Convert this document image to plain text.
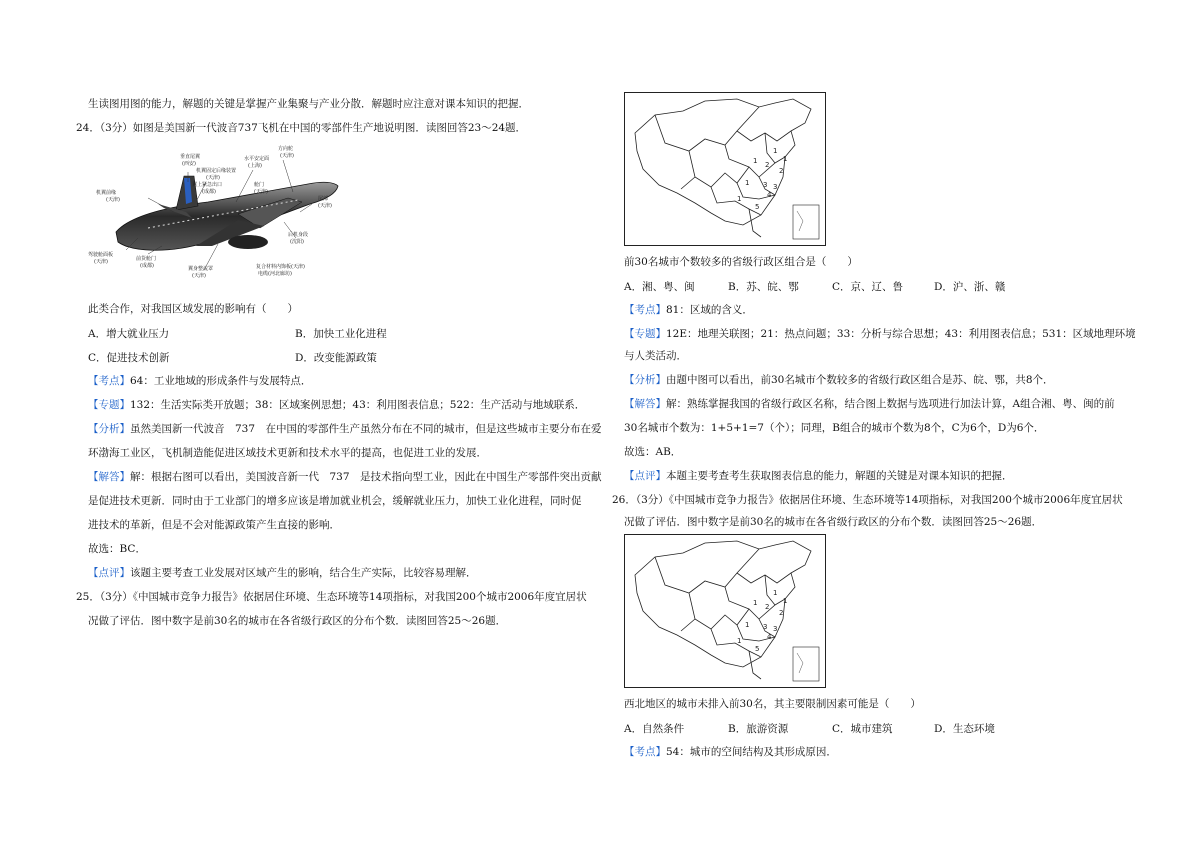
生读图用图的能力，解题的关键是掌握产业集聚与产业分散．解题时应注意对课本知识的把握．
24．（3分）如图是美国新一代波音737飞机在中国的零部件生产地说明图．读图回答23～24题．
垂直尾翼
(西安)
机翼固定后缘装置
(天津)
翼上紧急出口
(成都)
水平安定面
(上海)
方向舵
(天津)
舱门
(天津)
机翼前缘
(天津)	尾部
(天津)
后机身段
(沈阳)
驾驶舱面板
(天津)	前货舱门
(成都)	翼身整流罩
(天津)
复合材料内饰板(天津)
电缆(河北廊坊)
此类合作，对我国区域发展的影响有（　　）
A．增大就业压力	B．加快工业化进程
C．促进技术创新	D．改变能源政策
【考点】64：工业地域的形成条件与发展特点．
【专题】132：生活实际类开放题；38：区域案例思想；43：利用图表信息；522：生产活动与地域联系．
【分析】虽然美国新一代波音　737　在中国的零部件生产虽然分布在不同的城市，但是这些城市主要分布在爱
环渤海工业区，飞机制造能促进区域技术更新和技术水平的提高，也促进工业的发展．
【解答】解：根据右图可以看出，美国波音新一代　737　是技术指向型工业，因此在中国生产零部件突出贡献
是促进技术更新．同时由于工业部门的增多应该是增加就业机会，缓解就业压力，加快工业化进程，同时促
进技术的革新，但是不会对能源政策产生直接的影响．
故选：BC．
【点评】该题主要考查工业发展对区域产生的影响，结合生产实际，比较容易理解．
25．（3分）《中国城市竞争力报告》依据居住环境、生态环境等14项指标，对我国200个城市2006年度宜居状
况做了评估．图中数字是前30名的城市在各省级行政区的分布个数．读图回答25～26题．
1
2
2
1 3 3
1
5
4
1
1
前30名城市个数较多的省级行政区组合是（　　）
A．湘、粤、闽	B．苏、皖、鄂	C．京、辽、鲁	D．沪、浙、赣
【考点】81：区域的含义．
【专题】12E：地理关联图；21：热点问题；33：分析与综合思想；43：利用图表信息；531：区域地理环境
与人类活动．
【分析】由题中图可以看出，前30名城市个数较多的省级行政区组合是苏、皖、鄂，共8个．
【解答】解：熟练掌握我国的省级行政区名称，结合图上数据与选项进行加法计算，A组合湘、粤、闽的前
30名城市个数为：1+5+1=7（个）；同理，B组合的城市个数为8个，C为6个，D为6个．
故选：AB．
【点评】本题主要考查考生获取图表信息的能力，解题的关键是对课本知识的把握．
26．（3分）《中国城市竞争力报告》依据居住环境、生态环境等14项指标，对我国200个城市2006年度宜居状
况做了评估．图中数字是前30名的城市在各省级行政区的分布个数．读图回答25～26题．
1
2
2
1 3 3
1
5
4
1
1
西北地区的城市未排入前30名，其主要限制因素可能是（　　）
A．自然条件	B．旅游资源	C．城市建筑	D．生态环境
【考点】54：城市的空间结构及其形成原因．
